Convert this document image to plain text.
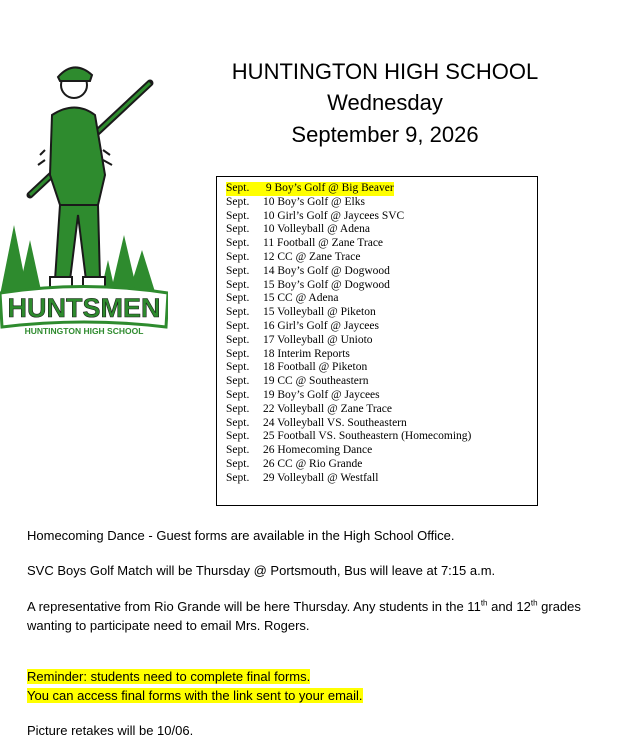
HUNTSMEN
HUNTINGTON HIGH SCHOOL
HUNTINGTON HIGH SCHOOL
Wednesday
September 9, 2026
Sept. 9 Boy’s Golf @ Big Beaver
Sept. 10 Boy’s Golf @ Elks
Sept. 10 Girl’s Golf @ Jaycees SVC
Sept. 10 Volleyball @ Adena
Sept. 11 Football @ Zane Trace
Sept. 12 CC @ Zane Trace
Sept. 14 Boy’s Golf @ Dogwood
Sept. 15 Boy’s Golf @ Dogwood
Sept. 15 CC @ Adena
Sept. 15 Volleyball @ Piketon
Sept. 16 Girl’s Golf @ Jaycees
Sept. 17 Volleyball @ Unioto
Sept. 18 Interim Reports
Sept. 18 Football @ Piketon
Sept. 19 CC @ Southeastern
Sept. 19 Boy’s Golf @ Jaycees
Sept. 22 Volleyball @ Zane Trace
Sept. 24 Volleyball VS. Southeastern
Sept. 25 Football VS. Southeastern (Homecoming)
Sept. 26 Homecoming Dance
Sept. 26 CC @ Rio Grande
Sept. 29 Volleyball @ Westfall
Homecoming Dance - Guest forms are available in the High School Office.
SVC Boys Golf Match will be Thursday @ Portsmouth, Bus will leave at 7:15 a.m.
A representative from Rio Grande will be here Thursday. Any students in the 11th and 12th grades wanting to participate need to email Mrs. Rogers.
Reminder: students need to complete final forms.
You can access final forms with the link sent to your email.
Picture retakes will be 10/06.
